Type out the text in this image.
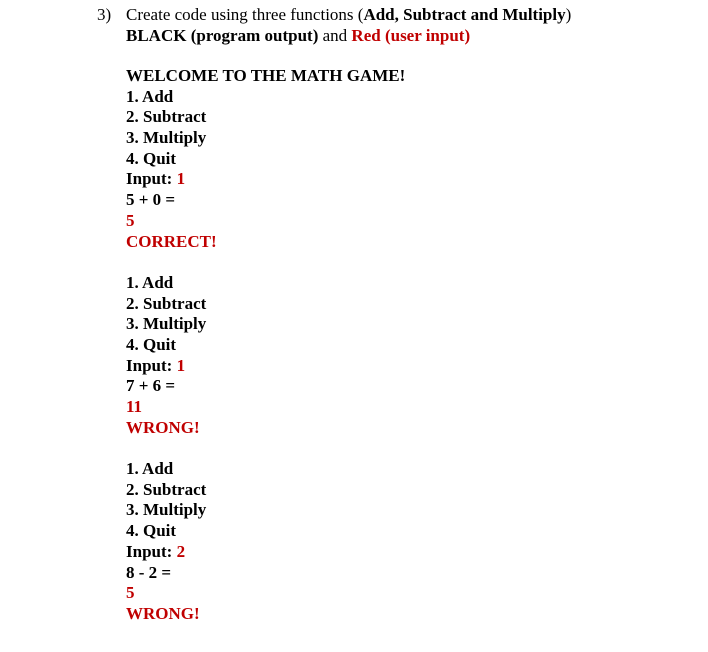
3) Create code using three functions (Add, Subtract and Multiply)
BLACK (program output) and Red (user input)
WELCOME TO THE MATH GAME!
1. Add
2. Subtract
3. Multiply
4. Quit
Input: 1
5 + 0 =
5
CORRECT!
1. Add
2. Subtract
3. Multiply
4. Quit
Input: 1
7 + 6 =
11
WRONG!
1. Add
2. Subtract
3. Multiply
4. Quit
Input: 2
8 - 2 =
5
WRONG!
